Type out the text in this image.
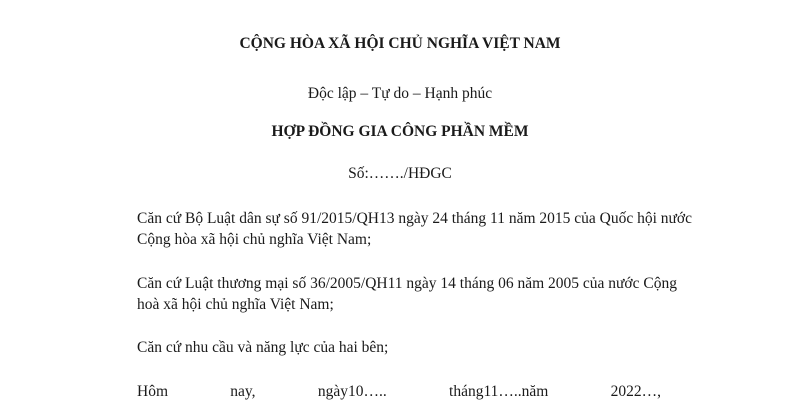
CỘNG HÒA XÃ HỘI CHỦ NGHĨA VIỆT NAM
Độc lập – Tự do – Hạnh phúc
HỢP ĐỒNG GIA CÔNG PHẦN MỀM
Số:……./HĐGC
Căn cứ Bộ Luật dân sự số 91/2015/QH13 ngày 24 tháng 11 năm 2015 của Quốc hội nước
Cộng hòa xã hội chủ nghĩa Việt Nam;
Căn cứ Luật thương mại số 36/2005/QH11 ngày 14 tháng 06 năm 2005 của nước Cộng
hoà xã hội chủ nghĩa Việt Nam;
Căn cứ nhu cầu và năng lực của hai bên;
Hôm	nay,	ngày10…..	tháng11…..năm	2022…,
